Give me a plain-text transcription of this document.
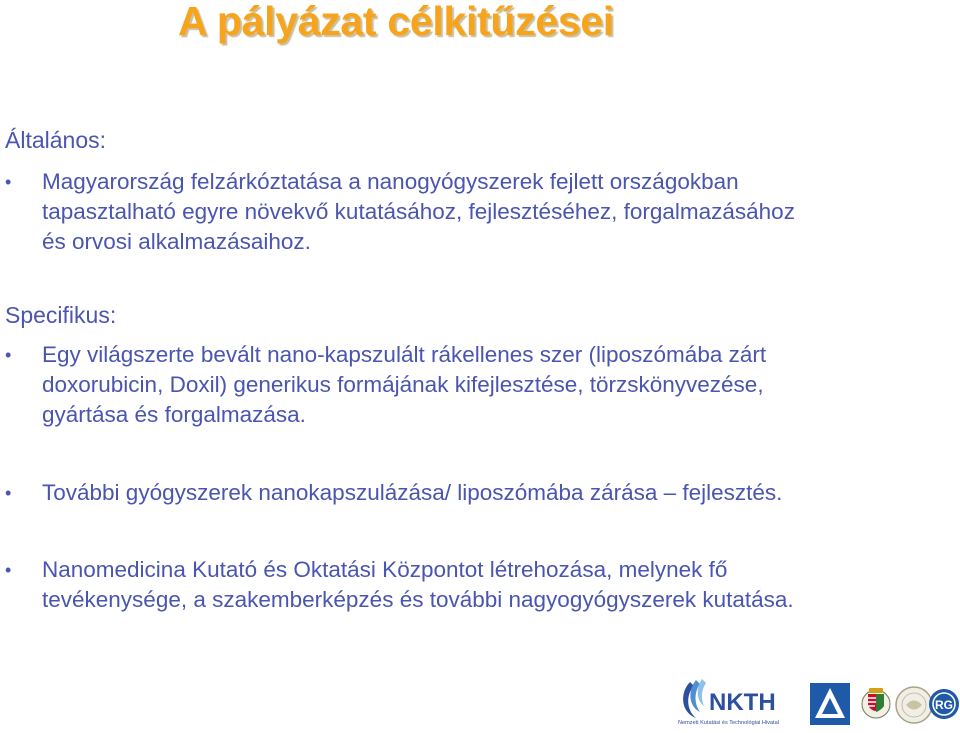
A pályázat célkitűzései
Általános:
• Magyarország felzárkóztatása a nanogyógyszerek fejlett országokban
tapasztalható egyre növekvő kutatásához, fejlesztéséhez, forgalmazásához
és orvosi alkalmazásaihoz.
Specifikus:
• Egy világszerte bevált nano-kapszulált rákellenes szer (liposzómába zárt
doxorubicin, Doxil) generikus formájának kifejlesztése, törzskönyvezése,
gyártása és forgalmazása.
• További gyógyszerek nanokapszulázása/ liposzómába zárása – fejlesztés.
• Nanomedicina Kutató és Oktatási Központot létrehozása, melynek fő
tevékenysége, a szakemberképzés és további nagyogyógyszerek kutatása.
NKTH
Nemzeti Kutatási és Technológiai Hivatal
RG
